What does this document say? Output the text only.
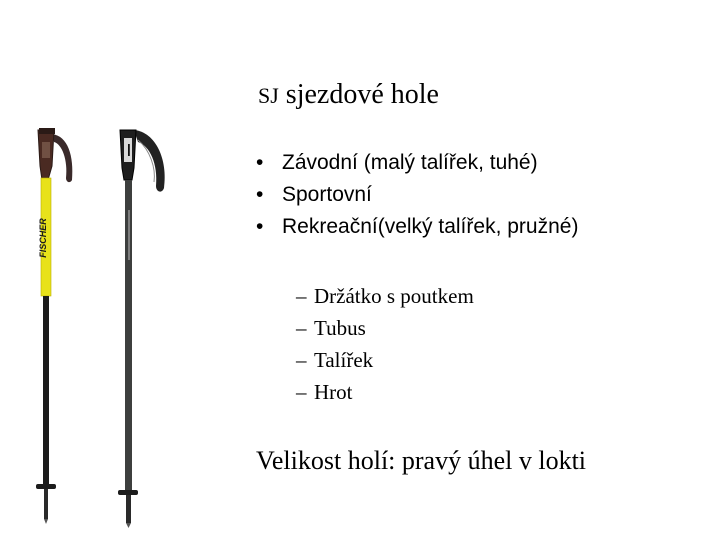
FISCHER
▬▬
SJ sjezdové hole
• Závodní (malý talířek, tuhé)
• Sportovní
• Rekreační(velký talířek, pružné)
– Držátko s poutkem
– Tubus
– Talířek
– Hrot
Velikost holí: pravý úhel v lokti
